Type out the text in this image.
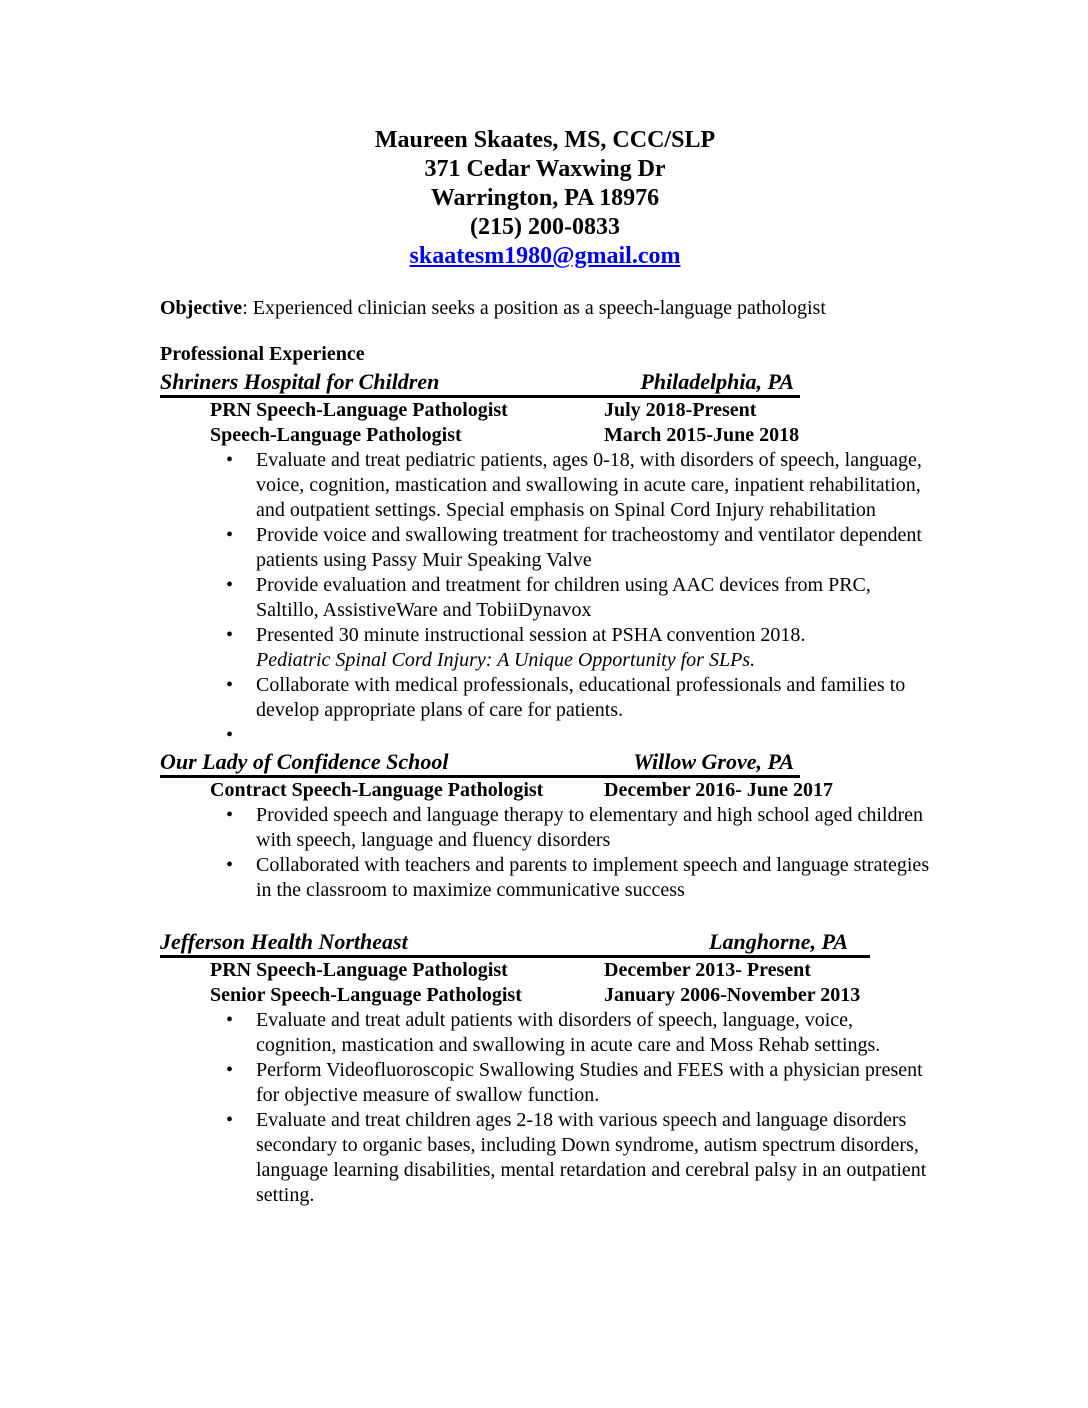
Maureen Skaates, MS, CCC/SLP
371 Cedar Waxwing Dr
Warrington, PA 18976
(215) 200-0833
skaatesm1980@gmail.com

Objective: Experienced clinician seeks a position as a speech-language pathologist

Professional Experience
Shriners Hospital for Children	Philadelphia, PA
PRN Speech-Language Pathologist	July 2018-Present
Speech-Language Pathologist	March 2015-June 2018
• Evaluate and treat pediatric patients, ages 0-18, with disorders of speech, language, voice, cognition, mastication and swallowing in acute care, inpatient rehabilitation, and outpatient settings. Special emphasis on Spinal Cord Injury rehabilitation
• Provide voice and swallowing treatment for tracheostomy and ventilator dependent patients using Passy Muir Speaking Valve
• Provide evaluation and treatment for children using AAC devices from PRC, Saltillo, AssistiveWare and TobiiDynavox
• Presented 30 minute instructional session at PSHA convention 2018.
Pediatric Spinal Cord Injury: A Unique Opportunity for SLPs.
• Collaborate with medical professionals, educational professionals and families to develop appropriate plans of care for patients.
•
Our Lady of Confidence School	Willow Grove, PA
Contract Speech-Language Pathologist	December 2016- June 2017
• Provided speech and language therapy to elementary and high school aged children with speech, language and fluency disorders
• Collaborated with teachers and parents to implement speech and language strategies in the classroom to maximize communicative success
Jefferson Health Northeast	Langhorne, PA
PRN Speech-Language Pathologist	December 2013- Present
Senior Speech-Language Pathologist	January 2006-November 2013
• Evaluate and treat adult patients with disorders of speech, language, voice, cognition, mastication and swallowing in acute care and Moss Rehab settings.
• Perform Videofluoroscopic Swallowing Studies and FEES with a physician present for objective measure of swallow function.
• Evaluate and treat children ages 2-18 with various speech and language disorders secondary to organic bases, including Down syndrome, autism spectrum disorders, language learning disabilities, mental retardation and cerebral palsy in an outpatient setting.
